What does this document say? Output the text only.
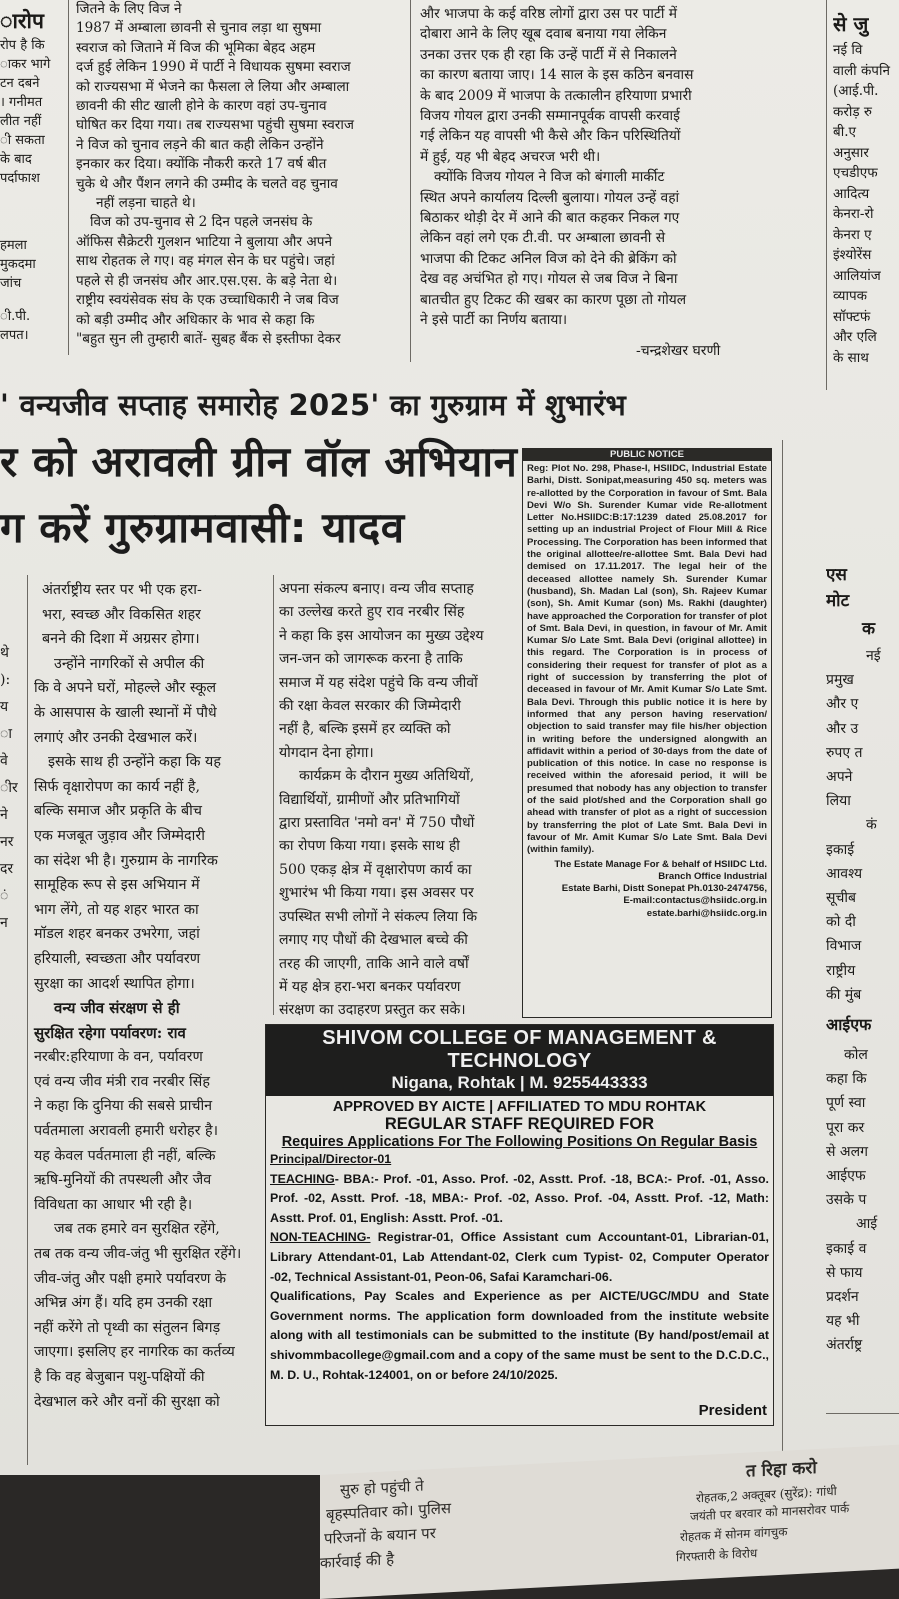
ारोप
रोप है कि
ाकर भागे
टन दबने
। गनीमत
लीत नहीं
ी सकता
के बाद
पर्दाफाश
हमला
मुकदमा
जांच
ी.पी.
लपत।

जितने के लिए विज ने

1987 में अम्बाला छावनी से चुनाव लड़ा था सुषमा

स्वराज को जिताने में विज की भूमिका बेहद अहम

दर्ज हुई लेकिन 1990 में पार्टी ने विधायक सुषमा स्वराज

को राज्यसभा में भेजने का फैसला ले लिया और अम्बाला

छावनी की सीट खाली होने के कारण वहां उप-चुनाव

घोषित कर दिया गया। तब राज्यसभा पहुंची सुषमा स्वराज

ने विज को चुनाव लड़ने की बात कही लेकिन उन्होंने

इनकार कर दिया। क्योंकि नौकरी करते 17 वर्ष बीत

चुके थे और पैंशन लगने की उम्मीद के चलते वह चुनाव

नहीं लड़ना चाहते थे।

विज को उप-चुनाव से 2 दिन पहले जनसंघ के

ऑफिस सैक्रेटरी गुलशन भाटिया ने बुलाया और अपने

साथ रोहतक ले गए। वह मंगल सेन के घर पहुंचे। जहां

पहले से ही जनसंघ और आर.एस.एस. के बड़े नेता थे।

राष्ट्रीय स्वयंसेवक संघ के एक उच्चाधिकारी ने जब विज

को बड़ी उम्मीद और अधिकार के भाव से कहा कि

"बहुत सुन ली तुम्हारी बातें- सुबह बैंक से इस्तीफा देकर

और भाजपा के कई वरिष्ठ लोगों द्वारा उस पर पार्टी में

दोबारा आने के लिए खूब दवाब बनाया गया लेकिन

उनका उत्तर एक ही रहा कि उन्हें पार्टी में से निकालने

का कारण बताया जाए। 14 साल के इस कठिन बनवास

के बाद 2009 में भाजपा के तत्कालीन हरियाणा प्रभारी

विजय गोयल द्वारा उनकी सम्मानपूर्वक वापसी करवाई

गई लेकिन यह वापसी भी कैसे और किन परिस्थितियों

में हुई, यह भी बेहद अचरज भरी थी।

क्योंकि विजय गोयल ने विज को बंगाली मार्कीट

स्थित अपने कार्यालय दिल्ली बुलाया। गोयल उन्हें वहां

बिठाकर थोड़ी देर में आने की बात कहकर निकल गए

लेकिन वहां लगे एक टी.वी. पर अम्बाला छावनी से

भाजपा की टिकट अनिल विज को देने की ब्रेकिंग को

देख वह अचंभित हो गए। गोयल से जब विज ने बिना

बातचीत हुए टिकट की खबर का कारण पूछा तो गोयल

ने इसे पार्टी का निर्णय बताया।

-चन्द्रशेखर घरणी
से जु
नई वि
वाली कंपनि
(आई.पी.
करोड़ रु
बी.ए
अनुसार
एचडीएफ
आदित्य
केनरा-रो
केनरा ए
इंश्योरेंस
आलियांज
व्यापक
सॉफ्टफं
और एलि
के साथ
' वन्यजीव सप्ताह समारोह 2025' का गुरुग्राम में शुभारंभ
र को अरावली ग्रीन वॉल अभियान
ग करें गुरुग्रामवासी: यादव
थे
):
य
ा
वे
ीर
ने
नर
दर
ं
न

अंतर्राष्ट्रीय स्तर पर भी एक हरा-

भरा, स्वच्छ और विकसित शहर

बनने की दिशा में अग्रसर होगा।

उन्होंने नागरिकों से अपील की

कि वे अपने घरों, मोहल्ले और स्कूल

के आसपास के खाली स्थानों में पौधे

लगाएं और उनकी देखभाल करें।

इसके साथ ही उन्होंने कहा कि यह

सिर्फ वृक्षारोपण का कार्य नहीं है,

बल्कि समाज और प्रकृति के बीच

एक मजबूत जुड़ाव और जिम्मेदारी

का संदेश भी है। गुरुग्राम के नागरिक

सामूहिक रूप से इस अभियान में

भाग लेंगे, तो यह शहर भारत का

मॉडल शहर बनकर उभरेगा, जहां

हरियाली, स्वच्छता और पर्यावरण

सुरक्षा का आदर्श स्थापित होगा।

वन्य जीव संरक्षण से ही

सुरक्षित रहेगा पर्यावरण: राव

नरबीर:हरियाणा के वन, पर्यावरण

एवं वन्य जीव मंत्री राव नरबीर सिंह

ने कहा कि दुनिया की सबसे प्राचीन

पर्वतमाला अरावली हमारी धरोहर है।

यह केवल पर्वतमाला ही नहीं, बल्कि

ऋषि-मुनियों की तपस्थली और जैव

विविधता का आधार भी रही है।

जब तक हमारे वन सुरक्षित रहेंगे,

तब तक वन्य जीव-जंतु भी सुरक्षित रहेंगे।

जीव-जंतु और पक्षी हमारे पर्यावरण के

अभिन्न अंग हैं। यदि हम उनकी रक्षा

नहीं करेंगे तो पृथ्वी का संतुलन बिगड़

जाएगा। इसलिए हर नागरिक का कर्तव्य

है कि वह बेजुबान पशु-पक्षियों की

देखभाल करे और वनों की सुरक्षा को

अपना संकल्प बनाए। वन्य जीव सप्ताह

का उल्लेख करते हुए राव नरबीर सिंह

ने कहा कि इस आयोजन का मुख्य उद्देश्य

जन-जन को जागरूक करना है ताकि

समाज में यह संदेश पहुंचे कि वन्य जीवों

की रक्षा केवल सरकार की जिम्मेदारी

नहीं है, बल्कि इसमें हर व्यक्ति को

योगदान देना होगा।

कार्यक्रम के दौरान मुख्य अतिथियों,

विद्यार्थियों, ग्रामीणों और प्रतिभागियों

द्वारा प्रस्तावित 'नमो वन' में 750 पौधों

का रोपण किया गया। इसके साथ ही

500 एकड़ क्षेत्र में वृक्षारोपण कार्य का

शुभारंभ भी किया गया। इस अवसर पर

उपस्थित सभी लोगों ने संकल्प लिया कि

लगाए गए पौधों की देखभाल बच्चे की

तरह की जाएगी, ताकि आने वाले वर्षों

में यह क्षेत्र हरा-भरा बनकर पर्यावरण

संरक्षण का उदाहरण प्रस्तुत कर सके।

PUBLIC NOTICE
Reg: Plot No. 298, Phase-I, HSIIDC, Industrial Estate Barhi, Distt. Sonipat,measuring 450 sq. meters was re-allotted by the Corporation in favour of Smt. Bala Devi W/o Sh. Surender Kumar vide Re-allotment Letter No.HSIIDC:B:17:1239 dated 25.08.2017 for setting up an industrial Project of Flour Mill & Rice Processing. The Corporation has been informed that the original allottee/re-allottee Smt. Bala Devi had demised on 17.11.2017. The legal heir of the deceased allottee namely Sh. Surender Kumar (husband), Sh. Madan Lal (son), Sh. Rajeev Kumar (son), Sh. Amit Kumar (son) Ms. Rakhi (daughter) have approached the Corporation for transfer of plot of Smt. Bala Devi, in question, in favour of Mr. Amit Kumar S/o Late Smt. Bala Devi (original allottee) in this regard. The Corporation is in process of considering their request for transfer of plot as a right of succession by transferring the plot of deceased in favour of Mr. Amit Kumar S/o Late Smt. Bala Devi. Through this public notice it is here by informed that any person having reservation/ objection to said transfer may file his/her objection in writing before the undersigned alongwith an affidavit within a period of 30-days from the date of publication of this notice. In case no response is received within the aforesaid period, it will be presumed that nobody has any objection to transfer of the said plot/shed and the Corporation shall go ahead with transfer of plot as a right of succession by transferring the plot of Late Smt. Bala Devi in favour of Mr. Amit Kumar S/o Late Smt. Bala Devi (within family).
The Estate Manage For & behalf of HSIIDC Ltd.
Branch Office Industrial
Estate Barhi, Distt Sonepat Ph.0130-2474756,
E-mail:contactus@hsiidc.org.in
estate.barhi@hsiidc.org.in
SHIVOM COLLEGE OF MANAGEMENT & TECHNOLOGY
Nigana, Rohtak | M. 9255443333
APPROVED BY AICTE | AFFILIATED TO MDU ROHTAK
REGULAR STAFF REQUIRED FOR
Requires Applications For The Following Positions On Regular Basis
Principal/Director-01
TEACHING- BBA:- Prof. -01, Asso. Prof. -02, Asstt. Prof. -18, BCA:- Prof. -01, Asso. Prof. -02, Asstt. Prof. -18, MBA:- Prof. -02, Asso. Prof. -04, Asstt. Prof. -12, Math: Asstt. Prof. 01, English: Asstt. Prof. -01.
NON-TEACHING- Registrar-01, Office Assistant cum Accountant-01, Librarian-01, Library Attendant-01, Lab Attendant-02, Clerk cum Typist- 02, Computer Operator -02, Technical Assistant-01, Peon-06, Safai Karamchari-06.
Qualifications, Pay Scales and Experience as per AICTE/UGC/MDU and State Government norms. The application form downloaded from the institute website along with all testimonials can be submitted to the institute (By hand/post/email at shivommbacollege@gmail.com and a copy of the same must be sent to the D.C.D.C., M. D. U., Rohtak-124001, on or before 24/10/2025.
President
एस
मोट
क
नई
प्रमुख
और ए
और उ
रुपए त
अपने
लिया
कं
इकाई
आवश्य
सूचीब
को दी
विभाज
राष्ट्रीय
की मुंब
आईएफ
कोल
कहा कि
पूर्ण स्वा
पूरा कर
से अलग
आईएफ
उसके प
आई
इकाई व
से फाय
प्रदर्शन
यह भी
अंतर्राष्ट्र
सुरु हो पहुंची ते
बृहस्पतिवार को। पुलिस
परिजनों के बयान पर
कार्रवाई की है
त रिहा करो
रोहतक,2 अक्तूबर (सुरेंद्र): गांधी
जयंती पर बरवार को मानसरोवर पार्क
रोहतक में सोनम वांगचुक
गिरफ्तारी के विरोध
